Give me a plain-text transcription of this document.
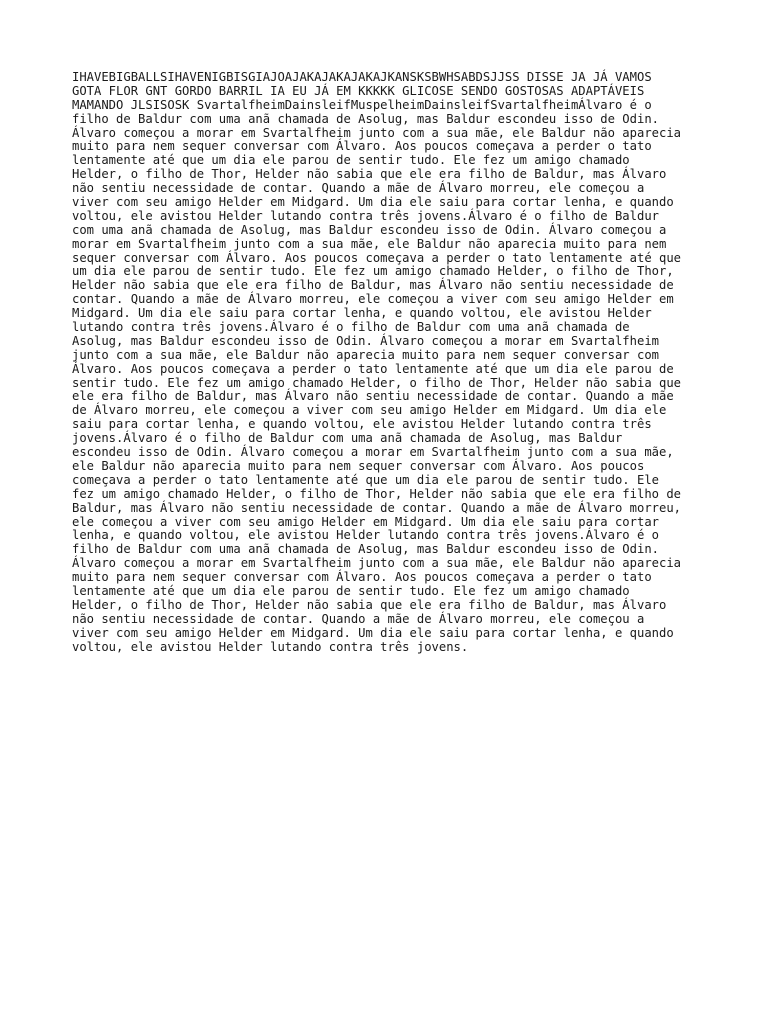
IHAVEBIGBALLSIHAVENIGBISGIAJOAJAKAJAKAJAKAJKANSKSBWHSABDSJJSS DISSE JA JÁ VAMOS
GOTA FLOR GNT GORDO BARRIL IA EU JÁ EM KKKKK GLICOSE SENDO GOSTOSAS ADAPTÁVEIS
MAMANDO JLSISOSK SvartalfheimDainsleifMuspelheimDainsleifSvartalfheimÁlvaro é o
filho de Baldur com uma anã chamada de Asolug, mas Baldur escondeu isso de Odin.
Álvaro começou a morar em Svartalfheim junto com a sua mãe, ele Baldur não aparecia
muito para nem sequer conversar com Álvaro. Aos poucos começava a perder o tato
lentamente até que um dia ele parou de sentir tudo. Ele fez um amigo chamado
Helder, o filho de Thor, Helder não sabia que ele era filho de Baldur, mas Álvaro
não sentiu necessidade de contar. Quando a mãe de Álvaro morreu, ele começou a
viver com seu amigo Helder em Midgard. Um dia ele saiu para cortar lenha, e quando
voltou, ele avistou Helder lutando contra três jovens.Álvaro é o filho de Baldur
com uma anã chamada de Asolug, mas Baldur escondeu isso de Odin. Álvaro começou a
morar em Svartalfheim junto com a sua mãe, ele Baldur não aparecia muito para nem
sequer conversar com Álvaro. Aos poucos começava a perder o tato lentamente até que
um dia ele parou de sentir tudo. Ele fez um amigo chamado Helder, o filho de Thor,
Helder não sabia que ele era filho de Baldur, mas Álvaro não sentiu necessidade de
contar. Quando a mãe de Álvaro morreu, ele começou a viver com seu amigo Helder em
Midgard. Um dia ele saiu para cortar lenha, e quando voltou, ele avistou Helder
lutando contra três jovens.Álvaro é o filho de Baldur com uma anã chamada de
Asolug, mas Baldur escondeu isso de Odin. Álvaro começou a morar em Svartalfheim
junto com a sua mãe, ele Baldur não aparecia muito para nem sequer conversar com
Álvaro. Aos poucos começava a perder o tato lentamente até que um dia ele parou de
sentir tudo. Ele fez um amigo chamado Helder, o filho de Thor, Helder não sabia que
ele era filho de Baldur, mas Álvaro não sentiu necessidade de contar. Quando a mãe
de Álvaro morreu, ele começou a viver com seu amigo Helder em Midgard. Um dia ele
saiu para cortar lenha, e quando voltou, ele avistou Helder lutando contra três
jovens.Álvaro é o filho de Baldur com uma anã chamada de Asolug, mas Baldur
escondeu isso de Odin. Álvaro começou a morar em Svartalfheim junto com a sua mãe,
ele Baldur não aparecia muito para nem sequer conversar com Álvaro. Aos poucos
começava a perder o tato lentamente até que um dia ele parou de sentir tudo. Ele
fez um amigo chamado Helder, o filho de Thor, Helder não sabia que ele era filho de
Baldur, mas Álvaro não sentiu necessidade de contar. Quando a mãe de Álvaro morreu,
ele começou a viver com seu amigo Helder em Midgard. Um dia ele saiu para cortar
lenha, e quando voltou, ele avistou Helder lutando contra três jovens.Álvaro é o
filho de Baldur com uma anã chamada de Asolug, mas Baldur escondeu isso de Odin.
Álvaro começou a morar em Svartalfheim junto com a sua mãe, ele Baldur não aparecia
muito para nem sequer conversar com Álvaro. Aos poucos começava a perder o tato
lentamente até que um dia ele parou de sentir tudo. Ele fez um amigo chamado
Helder, o filho de Thor, Helder não sabia que ele era filho de Baldur, mas Álvaro
não sentiu necessidade de contar. Quando a mãe de Álvaro morreu, ele começou a
viver com seu amigo Helder em Midgard. Um dia ele saiu para cortar lenha, e quando
voltou, ele avistou Helder lutando contra três jovens.
